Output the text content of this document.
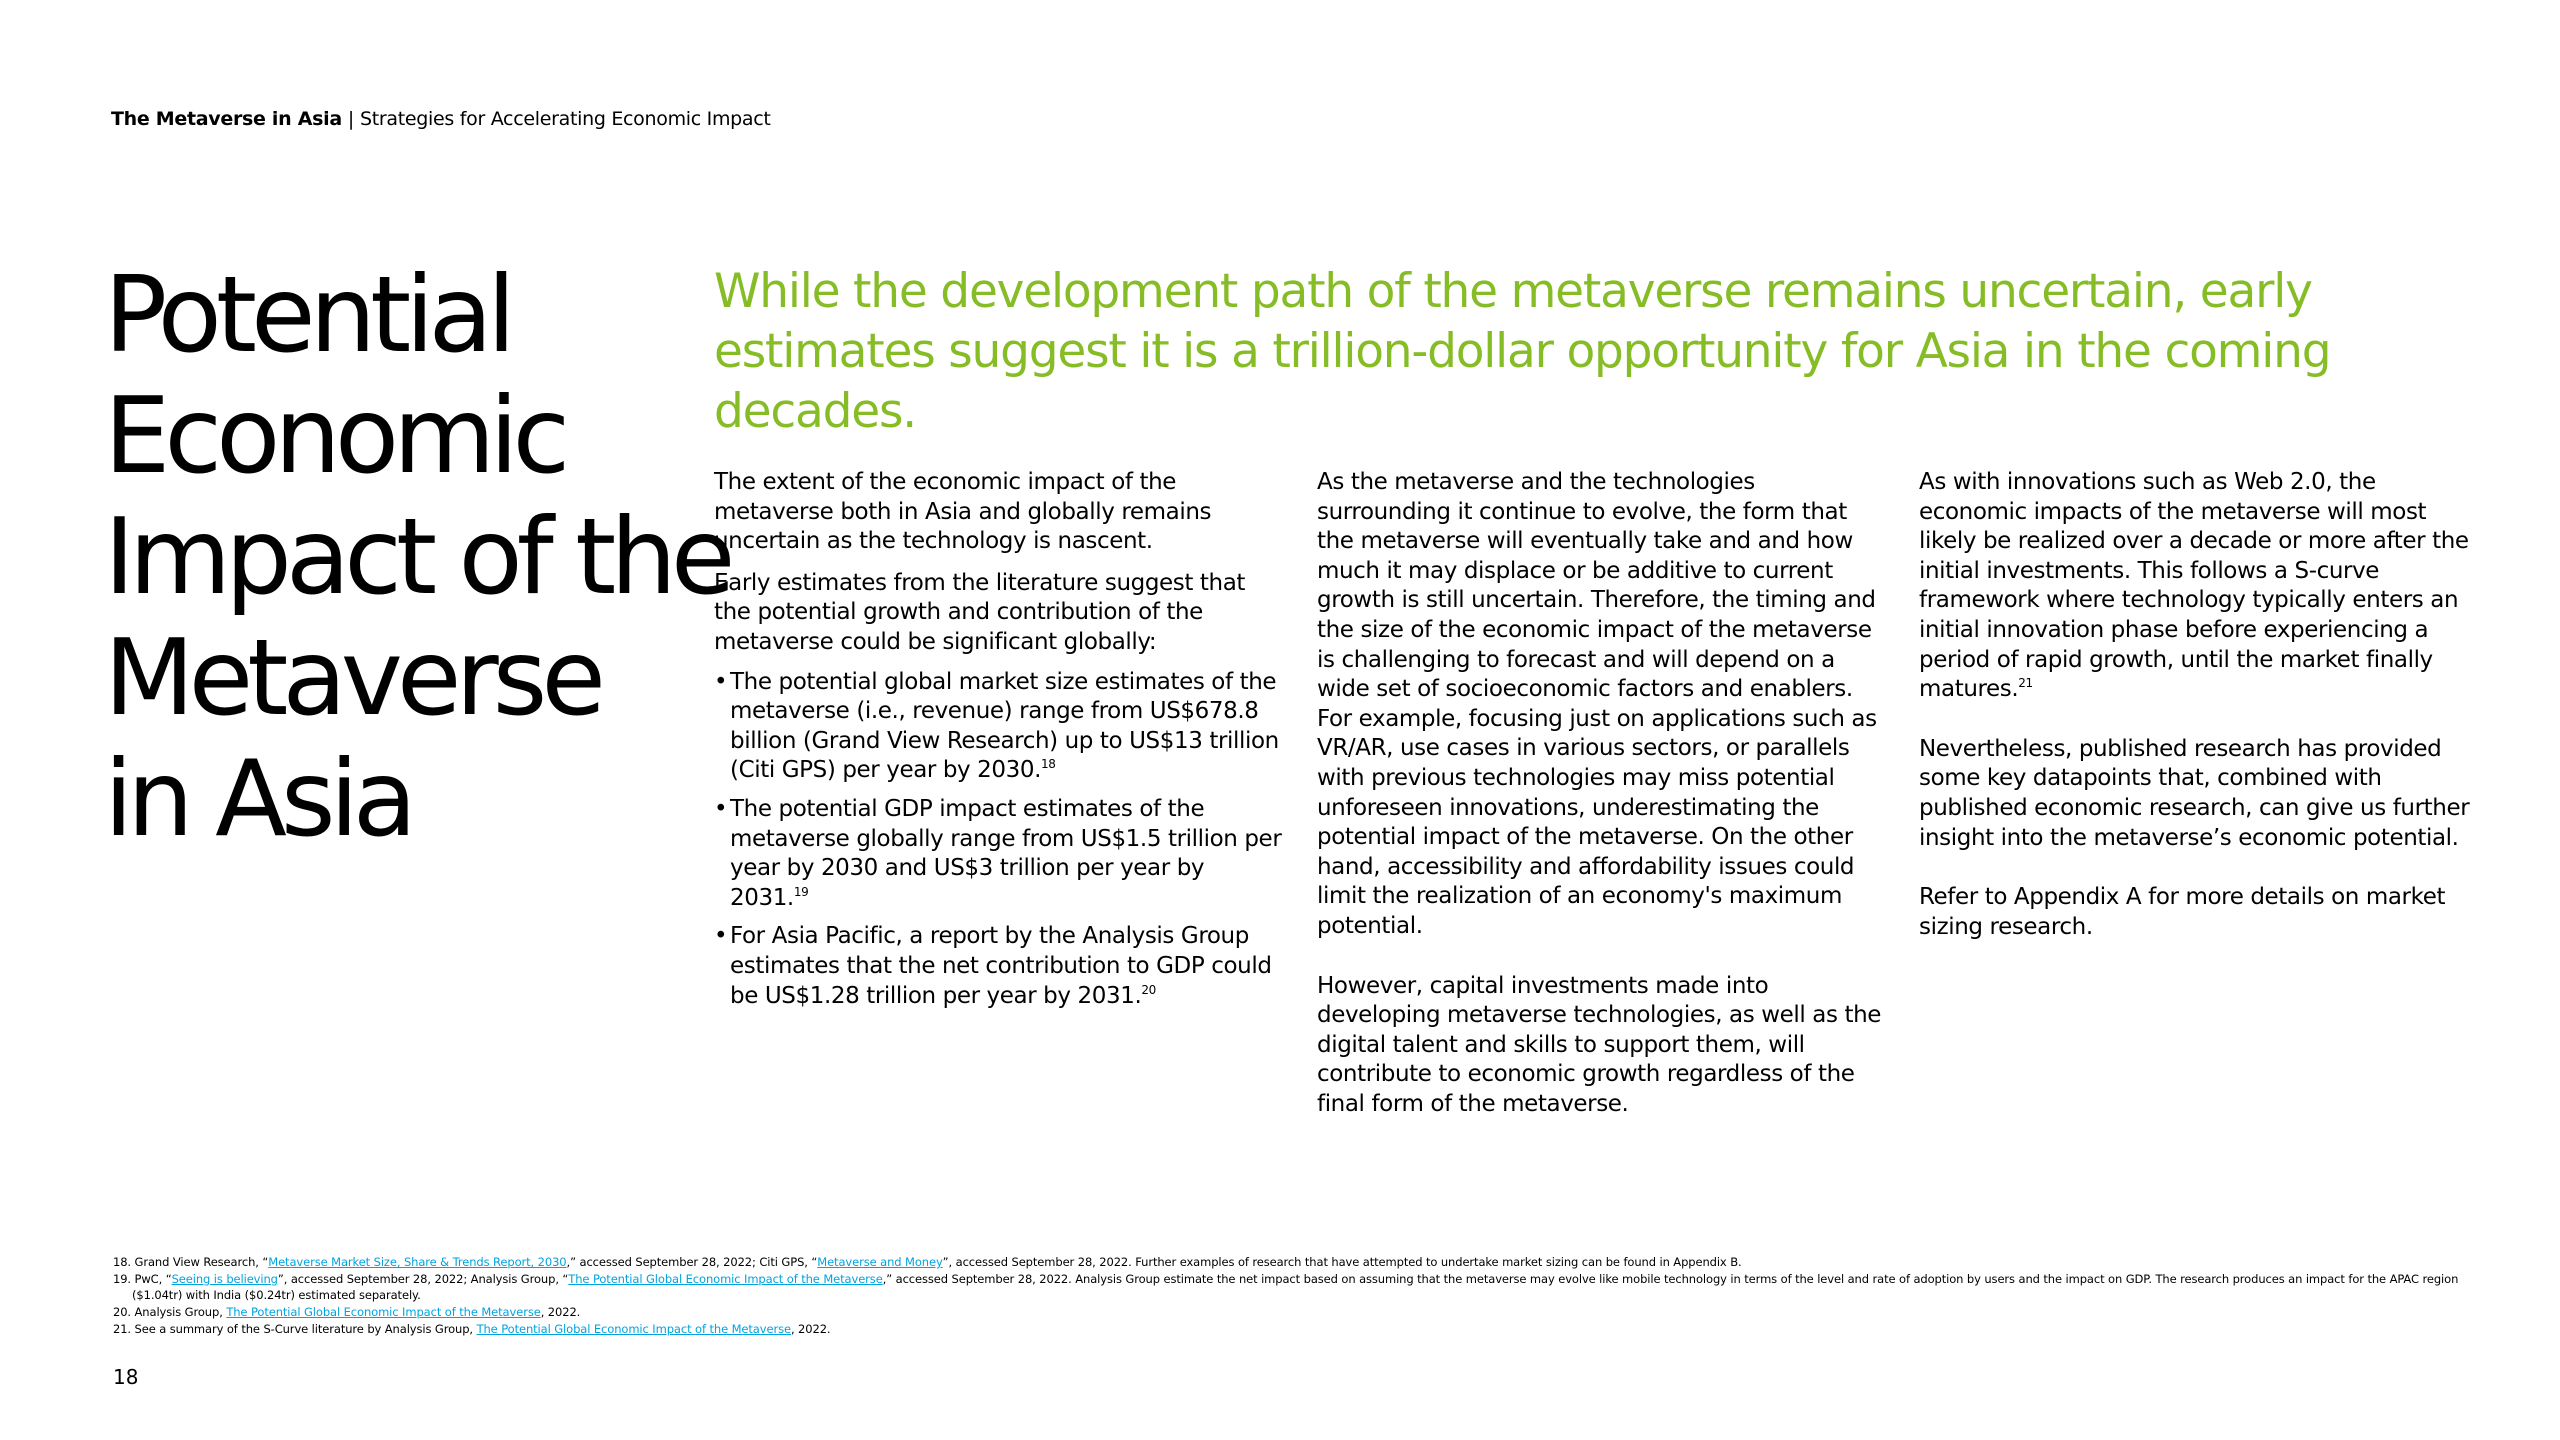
The Metaverse in Asia | Strategies for Accelerating Economic Impact
Potential
Economic
Impact of the
Metaverse
in Asia

While the development path of the metaverse remains uncertain, early estimates suggest it is a trillion-dollar opportunity for Asia in the coming decades.

The extent of the economic impact of the metaverse both in Asia and globally remains uncertain as the technology is nascent.

Early estimates from the literature suggest that the potential growth and contribution of the metaverse could be significant globally:

• The potential global market size estimates of the metaverse (i.e., revenue) range from US$678.8 billion (Grand View Research) up to US$13 trillion (Citi GPS) per year by 2030.18
• The potential GDP impact estimates of the metaverse globally range from US$1.5 trillion per year by 2030 and US$3 trillion per year by 2031.19
• For Asia Pacific, a report by the Analysis Group estimates that the net contribution to GDP could be US$1.28 trillion per year by 2031.20

As the metaverse and the technologies surrounding it continue to evolve, the form that the metaverse will eventually take and and how much it may displace or be additive to current growth is still uncertain. Therefore, the timing and the size of the economic impact of the metaverse is challenging to forecast and will depend on a wide set of socioeconomic factors and enablers. For example, focusing just on applications such as VR/AR, use cases in various sectors, or parallels with previous technologies may miss potential unforeseen innovations, underestimating the potential impact of the metaverse. On the other hand, accessibility and affordability issues could limit the realization of an economy's maximum potential.

However, capital investments made into developing metaverse technologies, as well as the digital talent and skills to support them, will contribute to economic growth regardless of the final form of the metaverse.

As with innovations such as Web 2.0, the economic impacts of the metaverse will most likely be realized over a decade or more after the initial investments. This follows a S-curve framework where technology typically enters an initial innovation phase before experiencing a period of rapid growth, until the market finally matures.$^{21}$

Nevertheless, published research has provided some key datapoints that, combined with published economic research, can give us further insight into the metaverse’s economic potential.

Refer to Appendix A for more details on market sizing research.

18. Grand View Research, “Metaverse Market Size, Share & Trends Report, 2030,” accessed September 28, 2022; Citi GPS, “Metaverse and Money”, accessed September 28, 2022. Further examples of research that have attempted to undertake market sizing can be found in Appendix B.
19. PwC, “Seeing is believing”, accessed September 28, 2022; Analysis Group, “The Potential Global Economic Impact of the Metaverse,” accessed September 28, 2022. Analysis Group estimate the net impact based on assuming that the metaverse may evolve like mobile technology in terms of the level and rate of adoption by users and the impact on GDP. The research produces an impact for the APAC region
($1.04tr) with India ($0.24tr) estimated separately.
20. Analysis Group, The Potential Global Economic Impact of the Metaverse, 2022.
21. See a summary of the S-Curve literature by Analysis Group, The Potential Global Economic Impact of the Metaverse, 2022.
18
